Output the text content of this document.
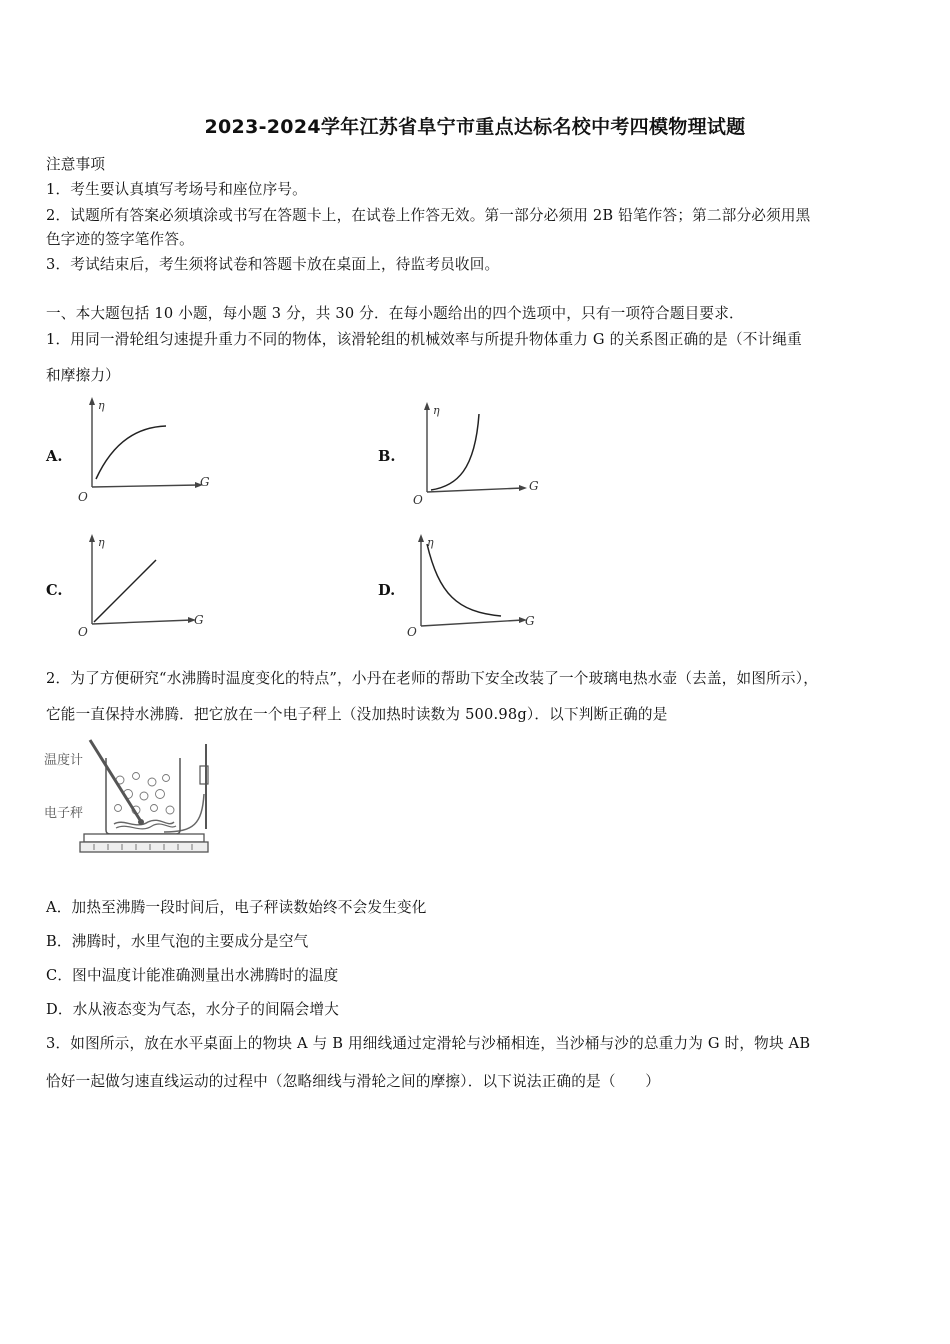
2023-2024学年江苏省阜宁市重点达标名校中考四模物理试题
注意事项
1．考生要认真填写考场号和座位序号。
2．试题所有答案必须填涂或书写在答题卡上，在试卷上作答无效。第一部分必须用 2B 铅笔作答；第二部分必须用黑
色字迹的签字笔作答。
3．考试结束后，考生须将试卷和答题卡放在桌面上，待监考员收回。
一、本大题包括 10 小题，每小题 3 分，共 30 分．在每小题给出的四个选项中，只有一项符合题目要求．
1．用同一滑轮组匀速提升重力不同的物体，该滑轮组的机械效率与所提升物体重力 G 的关系图正确的是（不计绳重
和摩擦力）
A.	B.
C.	D.
η
O
G
η
O
G
η
O
G
η
O
G
2．为了方便研究“水沸腾时温度变化的特点”，小丹在老师的帮助下安全改装了一个玻璃电热水壶（去盖，如图所示），
它能一直保持水沸腾．把它放在一个电子秤上（没加热时读数为 500.98g）．以下判断正确的是
温度计
电子秤
A．加热至沸腾一段时间后，电子秤读数始终不会发生变化
B．沸腾时，水里气泡的主要成分是空气
C．图中温度计能准确测量出水沸腾时的温度
D．水从液态变为气态，水分子的间隔会增大
3．如图所示，放在水平桌面上的物块 A 与 B 用细线通过定滑轮与沙桶相连，当沙桶与沙的总重力为 G 时，物块 AB
恰好一起做匀速直线运动的过程中（忽略细线与滑轮之间的摩擦）．以下说法正确的是（　　）
